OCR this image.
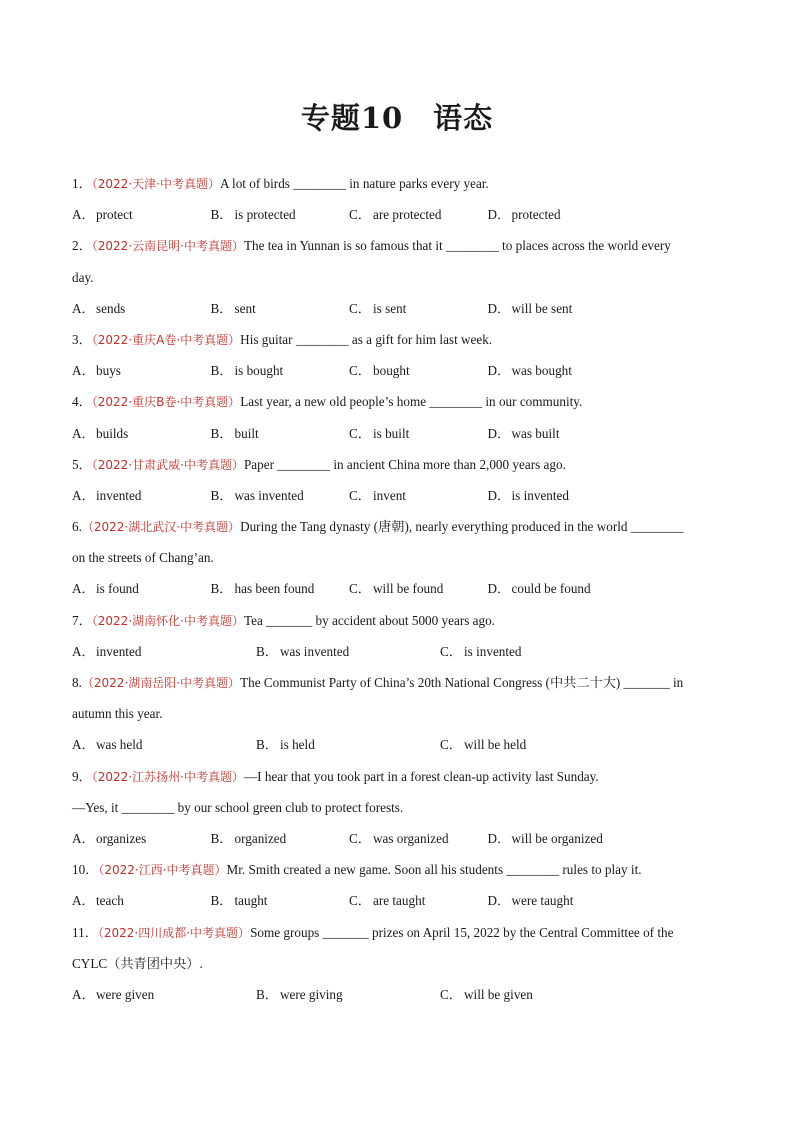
专题10　语态
1．（2022·天津·中考真题）A lot of birds ________ in nature parks every year.
A．protect	B． is protected	C． are protected	D．protected
2．（2022·云南昆明·中考真题）The tea in Yunnan is so famous that it ________ to places across the world every
day.
A．sends	B． sent	C． is sent	D．will be sent
3．（2022·重庆A卷·中考真题）His guitar ________ as a gift for him last week.
A．buys	B． is bought	C． bought	D．was bought
4．（2022·重庆B卷·中考真题）Last year, a new old people’s home ________ in our community.
A．builds	B． built	C． is built	D．was built
5．（2022·甘肃武威·中考真题）Paper ________ in ancient China more than 2,000 years ago.
A．invented	B． was invented	C． invent	D．is invented
6.（2022·湖北武汉·中考真题）During the Tang dynasty (唐朝), nearly everything produced in the world ________
on the streets of Chang’an.
A．is found	B． has been found	C． will be found	D．could be found
7．（2022·湖南怀化·中考真题）Tea _______ by accident about 5000 years ago.
A．invented	B． was invented	C． is invented
8.（2022·湖南岳阳·中考真题）The Communist Party of China’s 20th National Congress (中共二十大) _______ in
autumn this year.
A．was held	B． is held	C． will be held
9．（2022·江苏扬州·中考真题）—I hear that you took part in a forest clean-up activity last Sunday.
—Yes, it ________ by our school green club to protect forests.
A．organizes	B． organized	C． was organized	D．will be organized
10．（2022·江西·中考真题）Mr. Smith created a new game. Soon all his students ________ rules to play it.
A．teach	B． taught	C． are taught	D．were taught
11．（2022·四川成都·中考真题）Some groups _______ prizes on April 15, 2022 by the Central Committee of the
CYLC（共青团中央）.
A．were given	B． were giving	C． will be given
